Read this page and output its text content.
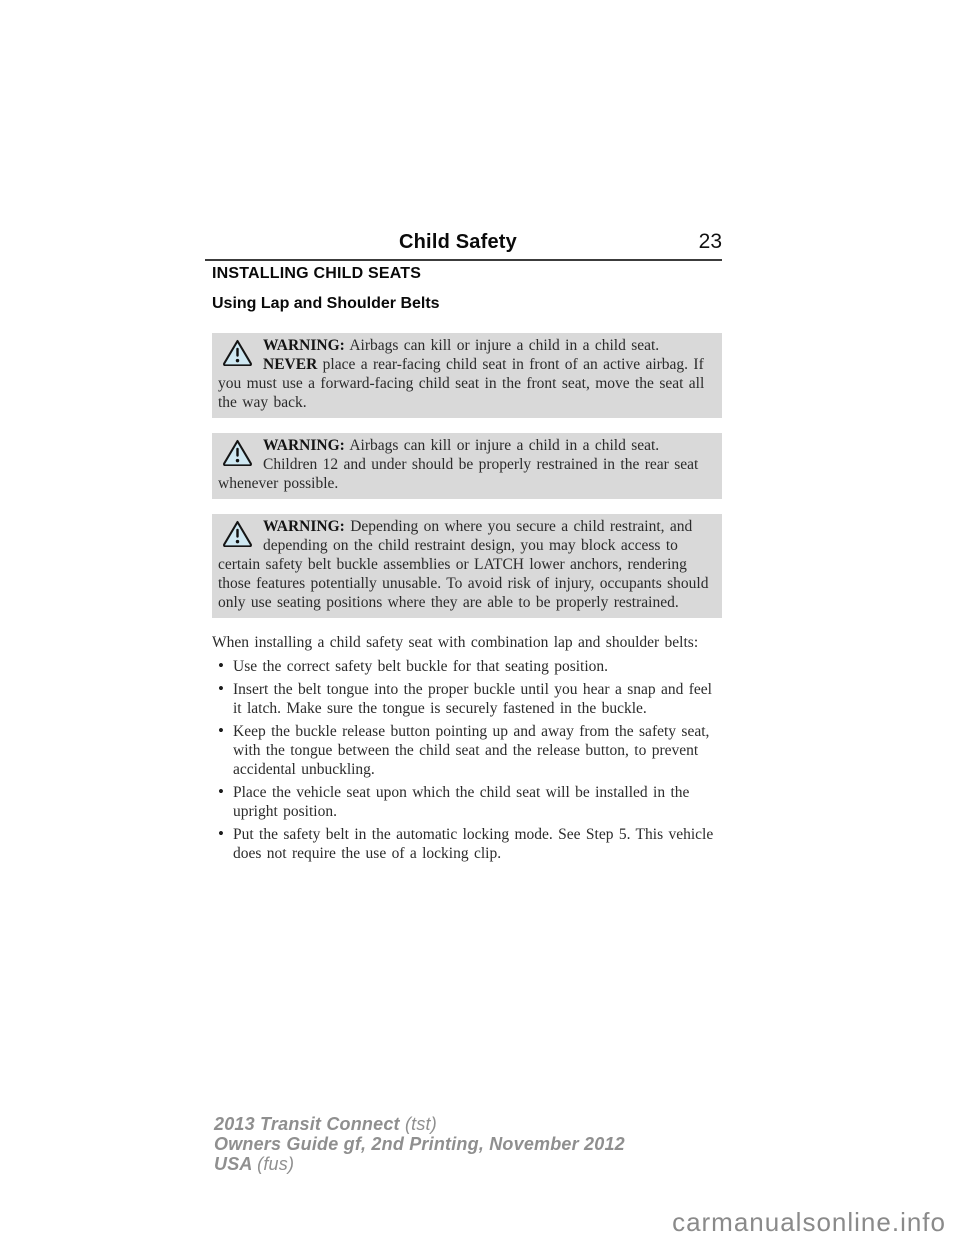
Child Safety	23
INSTALLING CHILD SEATS
Using Lap and Shoulder Belts
WARNING: Airbags can kill or injure a child in a child seat. NEVER place a rear-facing child seat in front of an active airbag. If you must use a forward-facing child seat in the front seat, move the seat all the way back.
WARNING: Airbags can kill or injure a child in a child seat. Children 12 and under should be properly restrained in the rear seat whenever possible.
WARNING: Depending on where you secure a child restraint, and depending on the child restraint design, you may block access to certain safety belt buckle assemblies or LATCH lower anchors, rendering those features potentially unusable. To avoid risk of injury, occupants should only use seating positions where they are able to be properly restrained.

When installing a child safety seat with combination lap and shoulder belts:

• Use the correct safety belt buckle for that seating position.
• Insert the belt tongue into the proper buckle until you hear a snap and feel it latch. Make sure the tongue is securely fastened in the buckle.
• Keep the buckle release button pointing up and away from the safety seat, with the tongue between the child seat and the release button, to prevent accidental unbuckling.
• Place the vehicle seat upon which the child seat will be installed in the upright position.
• Put the safety belt in the automatic locking mode. See Step 5. This vehicle does not require the use of a locking clip.
2013 Transit Connect (tst)
Owners Guide gf, 2nd Printing, November 2012
USA (fus)
carmanualsonline.info
